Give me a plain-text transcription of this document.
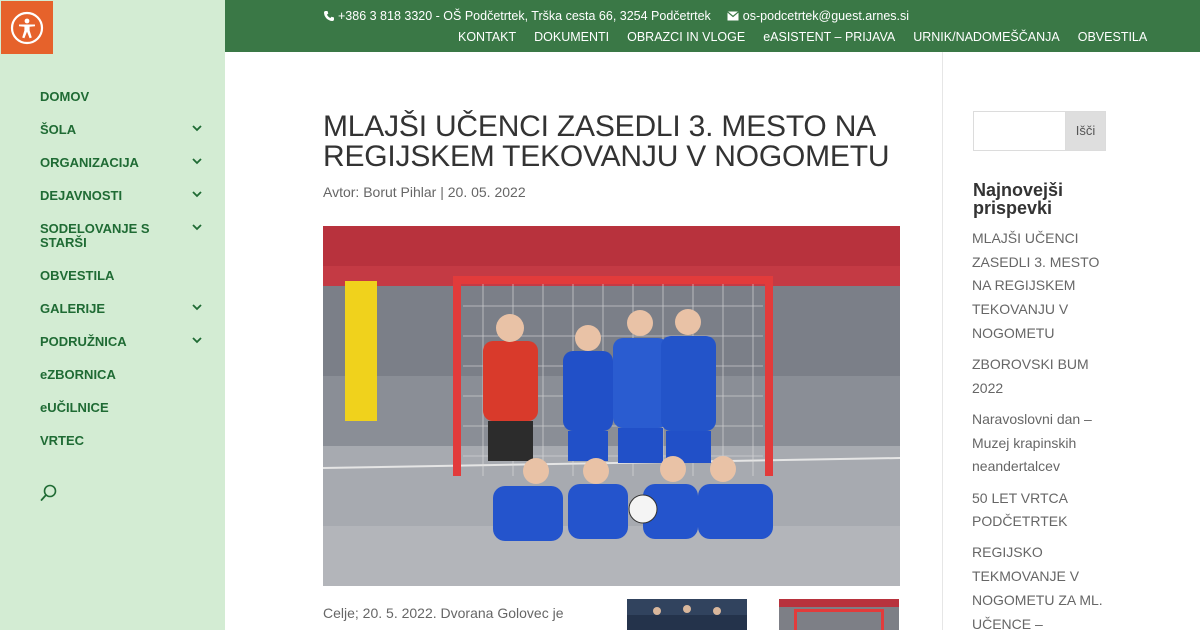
DOMOV
ŠOLA
ORGANIZACIJA
DEJAVNOSTI
SODELOVANJE S STARŠI
OBVESTILA
GALERIJE
PODRUŽNICA
eZBORNICA
eUČILNICE
VRTEC
+386 3 818 3320 - OŠ Podčetrtek, Trška cesta 66, 3254 Podčetrtek	os-podcetrtek@guest.arnes.si
KONTAKT DOKUMENTI OBRAZCI IN VLOGE eASISTENT – PRIJAVA URNIK/NADOMEŠČANJA OBVESTILA
MLAJŠI UČENCI ZASEDLI 3. MESTO NA REGIJSKEM TEKOVANJU V NOGOMETU
Avtor: Borut Pihlar | 20. 05. 2022
Celje; 20. 5. 2022. Dvorana Golovec je
Išči
Najnovejši prispevki
MLAJŠI UČENCI ZASEDLI 3. MESTO NA REGIJSKEM TEKOVANJU V NOGOMETU
ZBOROVSKI BUM 2022
Naravoslovni dan – Muzej krapinskih neandertalcev
50 LET VRTCA PODČETRTEK
REGIJSKO TEKMOVANJE V NOGOMETU ZA ML. UČENCE –
